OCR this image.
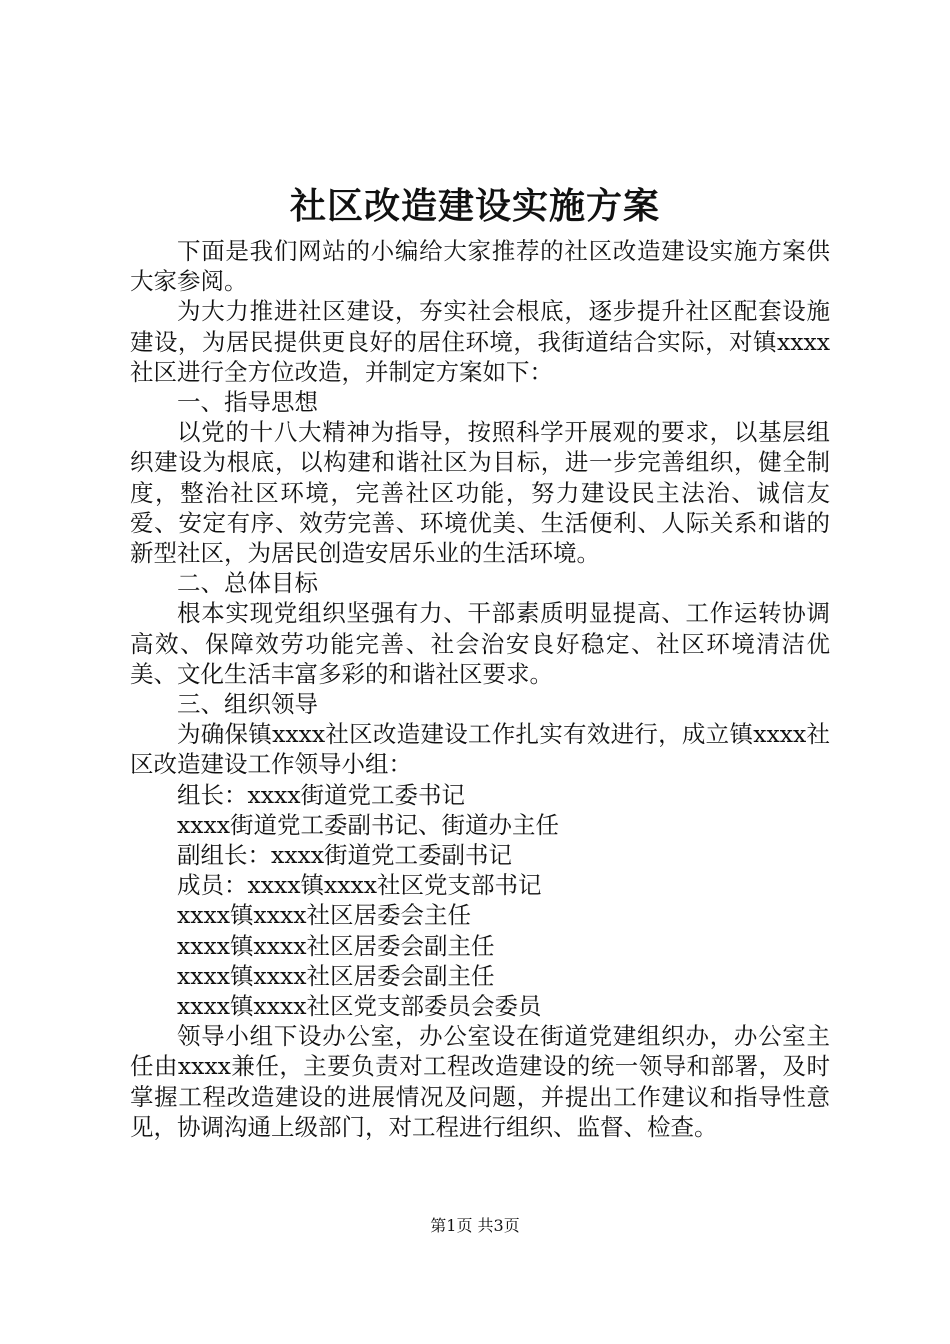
社区改造建设实施方案

下面是我们网站的小编给大家推荐的社区改造建设实施方案供大家参阅。

为大力推进社区建设，夯实社会根底，逐步提升社区配套设施建设，为居民提供更良好的居住环境，我街道结合实际，对镇xxxx社区进行全方位改造，并制定方案如下：

一、指导思想

以党的十八大精神为指导，按照科学开展观的要求，以基层组织建设为根底，以构建和谐社区为目标，进一步完善组织，健全制度，整治社区环境，完善社区功能，努力建设民主法治、诚信友爱、安定有序、效劳完善、环境优美、生活便利、人际关系和谐的新型社区，为居民创造安居乐业的生活环境。

二、总体目标

根本实现党组织坚强有力、干部素质明显提高、工作运转协调高效、保障效劳功能完善、社会治安良好稳定、社区环境清洁优美、文化生活丰富多彩的和谐社区要求。

三、组织领导

为确保镇xxxx社区改造建设工作扎实有效进行，成立镇xxxx社区改造建设工作领导小组：

组长：xxxx街道党工委书记

xxxx街道党工委副书记、街道办主任

副组长：xxxx街道党工委副书记

成员：xxxx镇xxxx社区党支部书记

xxxx镇xxxx社区居委会主任

xxxx镇xxxx社区居委会副主任

xxxx镇xxxx社区居委会副主任

xxxx镇xxxx社区党支部委员会委员

领导小组下设办公室，办公室设在街道党建组织办，办公室主任由xxxx兼任，主要负责对工程改造建设的统一领导和部署，及时掌握工程改造建设的进展情况及问题，并提出工作建议和指导性意见，协调沟通上级部门，对工程进行组织、监督、检查。

第1页 共3页
